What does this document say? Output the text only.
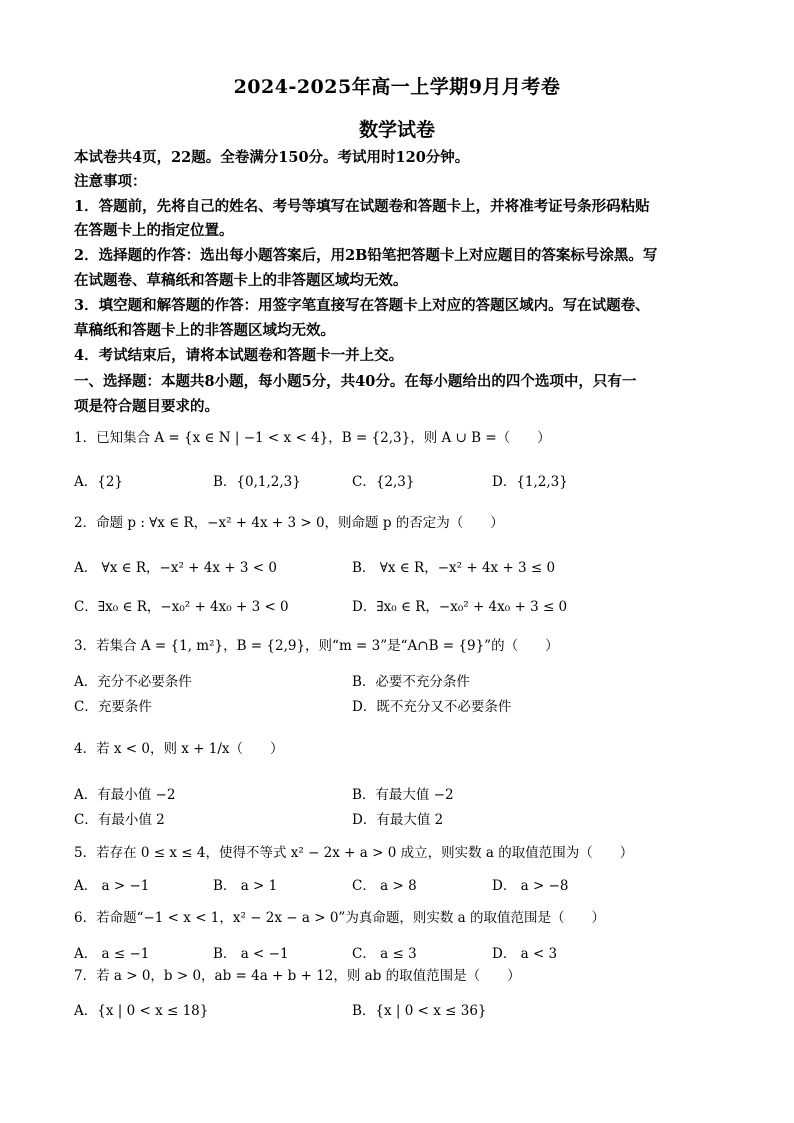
2024-2025年高一上学期9月月考卷
数学试卷
本试卷共4页，22题。全卷满分150分。考试用时120分钟。
注意事项：
1．答题前，先将自己的姓名、考号等填写在试题卷和答题卡上，并将准考证号条形码粘贴
在答题卡上的指定位置。
2．选择题的作答：选出每小题答案后，用2B铅笔把答题卡上对应题目的答案标号涂黑。写
在试题卷、草稿纸和答题卡上的非答题区域均无效。
3．填空题和解答题的作答：用签字笔直接写在答题卡上对应的答题区域内。写在试题卷、
草稿纸和答题卡上的非答题区域均无效。
4．考试结束后，请将本试题卷和答题卡一并上交。
一、选择题：本题共8小题，每小题5分，共40分。在每小题给出的四个选项中，只有一
项是符合题目要求的。
1．已知集合 A = {x ∈ N | −1 < x < 4}，B = {2,3}，则 A ∪ B =（　　）
A．{2}	B．{0,1,2,3}	C．{2,3}	D．{1,2,3}
2．命题 p : ∀x ∈ R，−x² + 4x + 3 > 0，则命题 p 的否定为（　　）
A． ∀x ∈ R，−x² + 4x + 3 < 0	B． ∀x ∈ R，−x² + 4x + 3 ≤ 0
C．∃x₀ ∈ R，−x₀² + 4x₀ + 3 < 0	D．∃x₀ ∈ R，−x₀² + 4x₀ + 3 ≤ 0
3．若集合 A = {1, m²}，B = {2,9}，则“m = 3”是“A∩B = {9}”的（　　）
A．充分不必要条件	B．必要不充分条件
C．充要条件	D．既不充分又不必要条件
4．若 x < 0，则 x + 1/x（　　）
A．有最小值 −2	B．有最大值 −2
C．有最小值 2	D．有最大值 2
5．若存在 0 ≤ x ≤ 4，使得不等式 x² − 2x + a > 0 成立，则实数 a 的取值范围为（　　）
A． a > −1	B． a > 1	C． a > 8	D． a > −8
6．若命题“−1 < x < 1，x² − 2x − a > 0”为真命题，则实数 a 的取值范围是（　　）
A． a ≤ −1	B． a < −1	C． a ≤ 3	D． a < 3
7．若 a > 0，b > 0，ab = 4a + b + 12，则 ab 的取值范围是（　　）
A．{x | 0 < x ≤ 18}	B．{x | 0 < x ≤ 36}
